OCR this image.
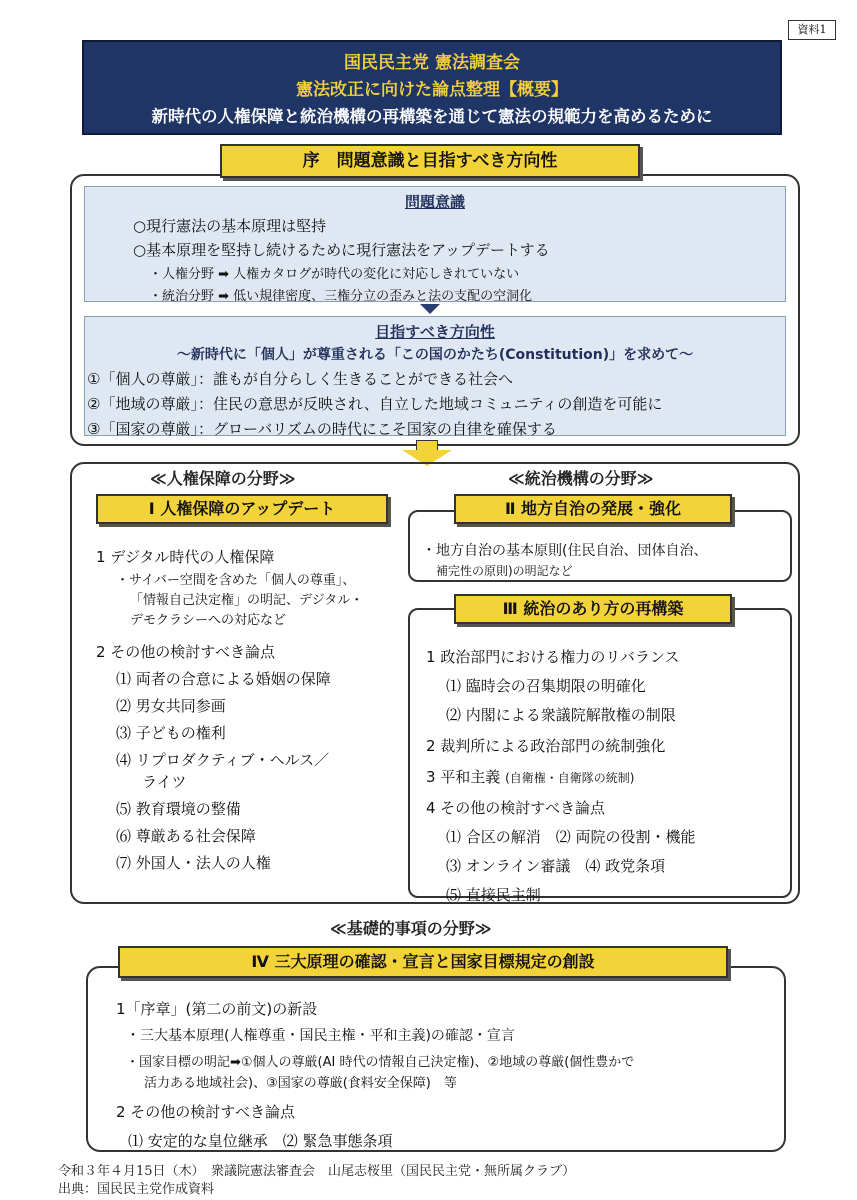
資料1
国民民主党 憲法調査会
憲法改正に向けた論点整理【概要】
新時代の人権保障と統治機構の再構築を通じて憲法の規範力を高めるために
序　問題意識と目指すべき方向性
問題意識
○現行憲法の基本原理は堅持
○基本原理を堅持し続けるために現行憲法をアップデートする
・人権分野 ➡ 人権カタログが時代の変化に対応しきれていない
・統治分野 ➡ 低い規律密度、三権分立の歪みと法の支配の空洞化
目指すべき方向性
～新時代に「個人」が尊重される「この国のかたち(Constitution)」を求めて～
①「個人の尊厳」：誰もが自分らしく生きることができる社会へ
②「地域の尊厳」：住民の意思が反映され、自立した地域コミュニティの創造を可能に
③「国家の尊厳」：グローバリズムの時代にこそ国家の自律を確保する
≪人権保障の分野≫	≪統治機構の分野≫
1 デジタル時代の人権保障
・サイバー空間を含めた「個人の尊重」、
「情報自己決定権」の明記、デジタル・
デモクラシーへの対応など
2 その他の検討すべき論点
⑴ 両者の合意による婚姻の保障
⑵ 男女共同参画
⑶ 子どもの権利
⑷ リプロダクティブ・ヘルス／
ライツ
⑸ 教育環境の整備
⑹ 尊厳ある社会保障
⑺ 外国人・法人の人権
Ⅰ 人権保障のアップデート
・地方自治の基本原則(住民自治、団体自治、
補完性の原則)の明記など
Ⅱ 地方自治の発展・強化
1 政治部門における権力のリバランス
⑴ 臨時会の召集期限の明確化
⑵ 内閣による衆議院解散権の制限
2 裁判所による政治部門の統制強化
3 平和主義 (自衛権・自衛隊の統制)
4 その他の検討すべき論点
⑴ 合区の解消　⑵ 両院の役割・機能
⑶ オンライン審議　⑷ 政党条項
⑸ 直接民主制
Ⅲ 統治のあり方の再構築
≪基礎的事項の分野≫
1「序章」(第二の前文)の新設
・三大基本原理(人権尊重・国民主権・平和主義)の確認・宣言
・国家目標の明記➡①個人の尊厳(AI 時代の情報自己決定権)、②地域の尊厳(個性豊かで
活力ある地域社会)、③国家の尊厳(食料安全保障)　等
2 その他の検討すべき論点
⑴ 安定的な皇位継承　⑵ 緊急事態条項
Ⅳ 三大原理の確認・宣言と国家目標規定の創設
令和３年４月15日（木）　衆議院憲法審査会　山尾志桜里（国民民主党・無所属クラブ）
出典：国民民主党作成資料
